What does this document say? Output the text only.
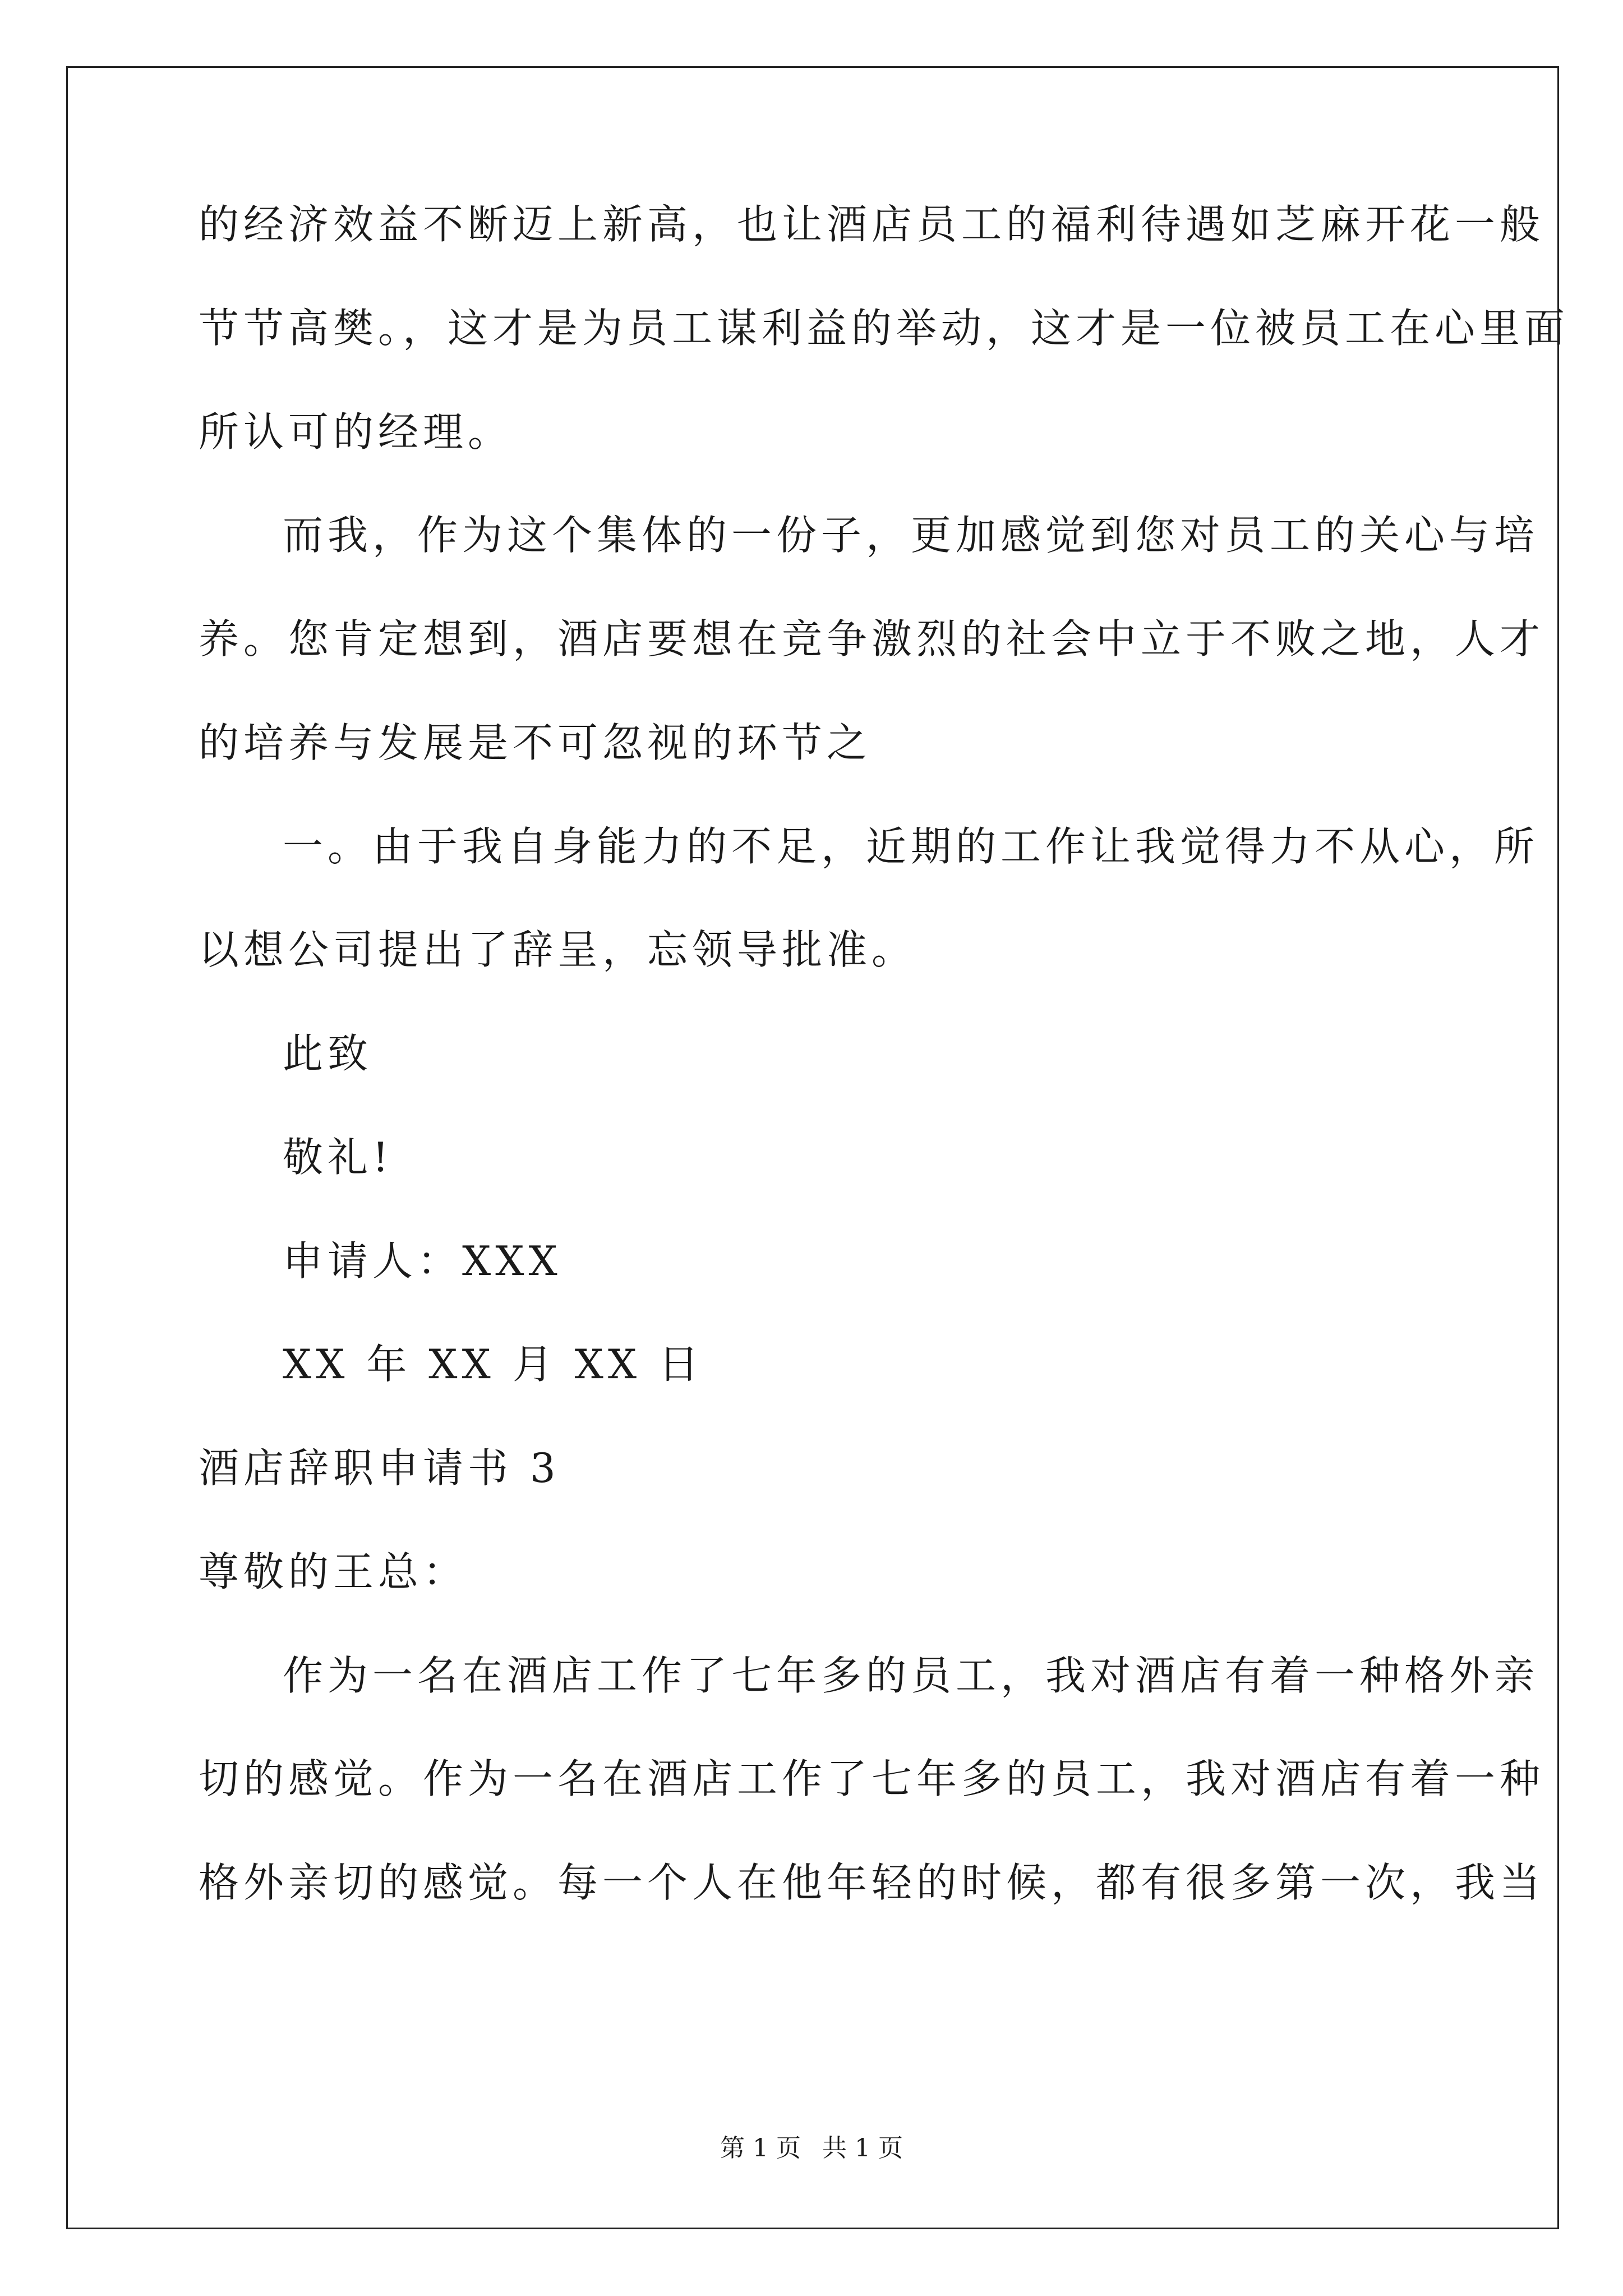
的经济效益不断迈上新高，也让酒店员工的福利待遇如芝麻开花一般
节节高樊。，这才是为员工谋利益的举动，这才是一位被员工在心里面
所认可的经理。
而我，作为这个集体的一份子，更加感觉到您对员工的关心与培
养。您肯定想到，酒店要想在竞争激烈的社会中立于不败之地，人才
的培养与发展是不可忽视的环节之
一。由于我自身能力的不足，近期的工作让我觉得力不从心，所
以想公司提出了辞呈，忘领导批准。
此致
敬礼!
申请人：XXX
XX 年 XX 月 XX 日
酒店辞职申请书 3
尊敬的王总：
作为一名在酒店工作了七年多的员工，我对酒店有着一种格外亲
切的感觉。作为一名在酒店工作了七年多的员工，我对酒店有着一种
格外亲切的感觉。每一个人在他年轻的时候，都有很多第一次，我当
第 1 页 共 1 页
